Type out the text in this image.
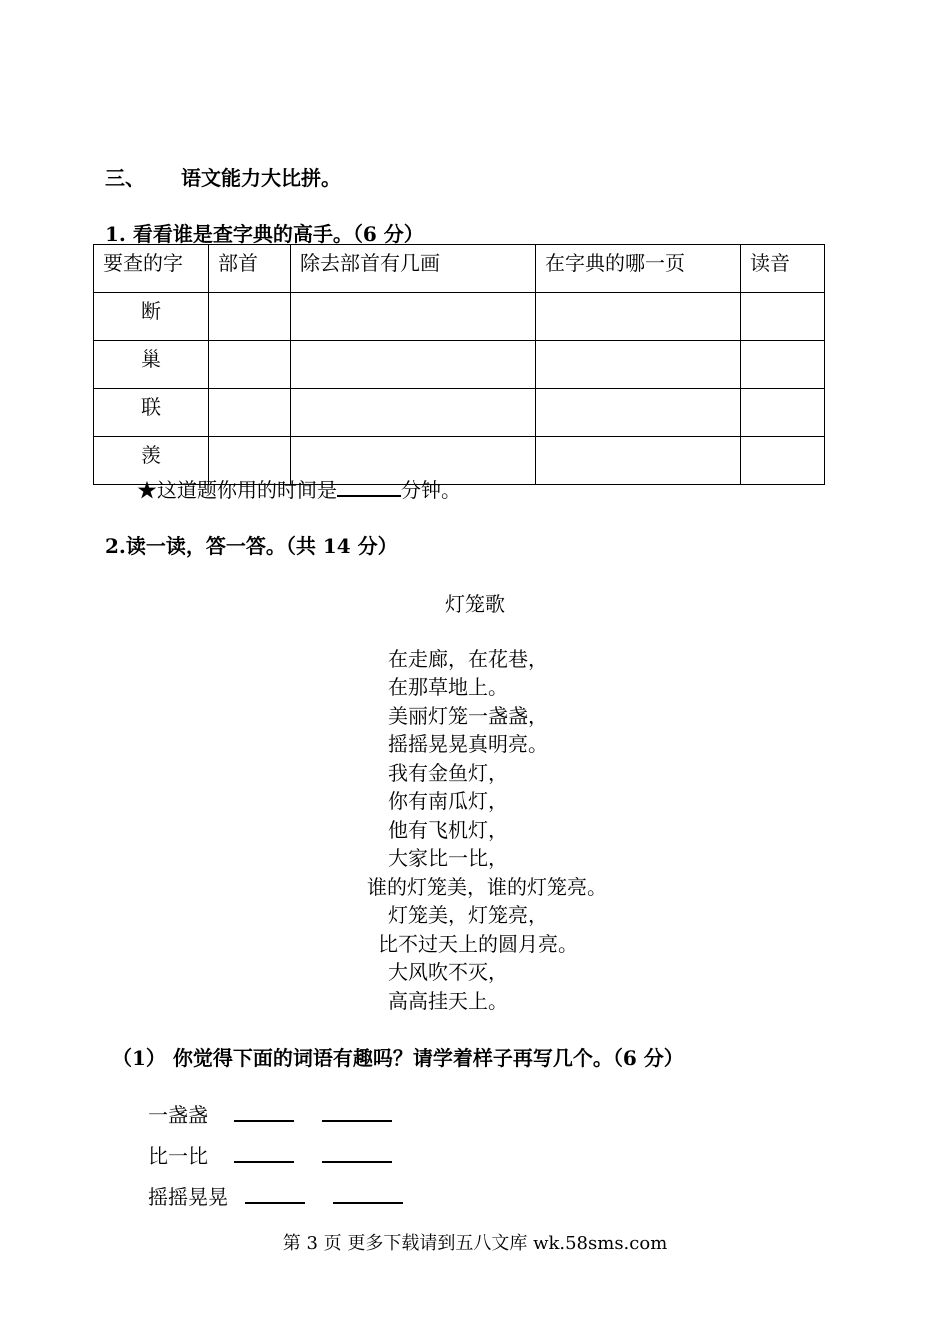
三、 语文能力大比拼。
1. 看看谁是查字典的高手。（6 分）
要查的字	部首	除去部首有几画	在字典的哪一页	读音
断				
巢				
联				
羡				
★这道题你用的时间是	分钟。
2.读一读，答一答。（共 14 分）
灯笼歌
在走廊，在花巷，
在那草地上。
美丽灯笼一盏盏，
摇摇晃晃真明亮。
我有金鱼灯，
你有南瓜灯，
他有飞机灯，
大家比一比，
谁的灯笼美，谁的灯笼亮。
灯笼美，灯笼亮，
比不过天上的圆月亮。
大风吹不灭，
高高挂天上。
（1） 你觉得下面的词语有趣吗？请学着样子再写几个。（6 分）
一盏盏
比一比
摇摇晃晃
第 3 页 更多下载请到五八文库 wk.58sms.com
